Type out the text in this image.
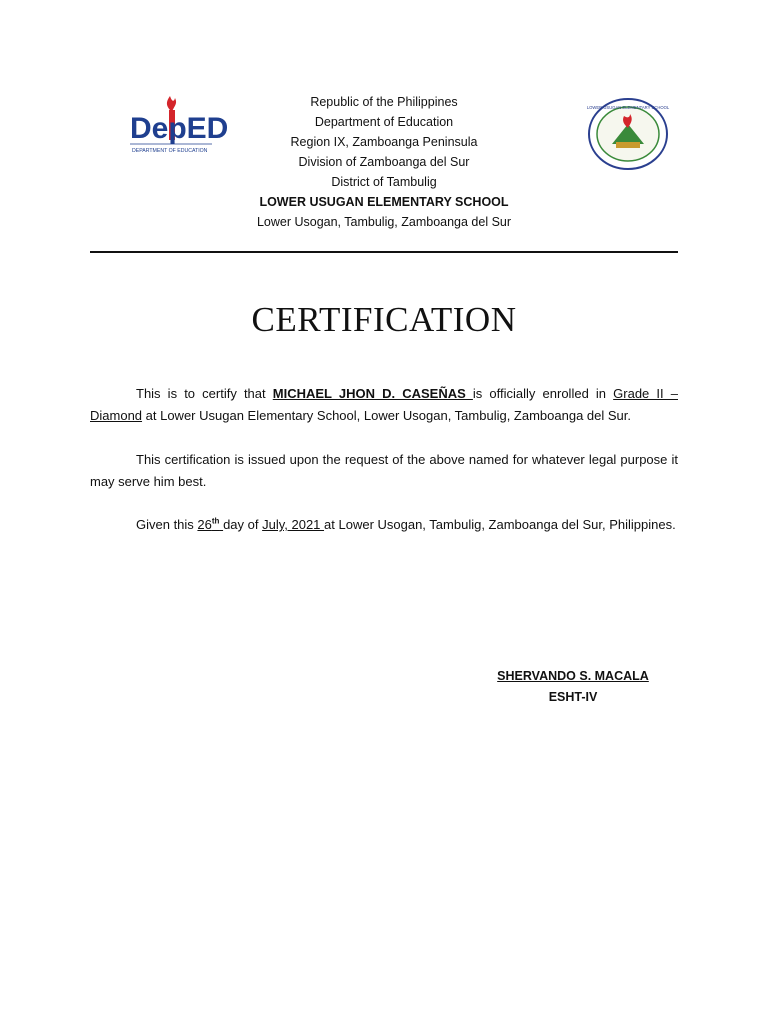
DepED
DEPARTMENT OF EDUCATION
LOWER USUGAN ELEMENTARY SCHOOL
Republic of the Philippines
Department of Education
Region IX, Zamboanga Peninsula
Division of Zamboanga del Sur
District of Tambulig
LOWER USUGAN ELEMENTARY SCHOOL
Lower Usogan, Tambulig, Zamboanga del Sur
CERTIFICATION
This is to certify that MICHAEL JHON D. CASEÑAS is officially enrolled in Grade II – Diamond at Lower Usugan Elementary School, Lower Usogan, Tambulig, Zamboanga del Sur.
This certification is issued upon the request of the above named for whatever legal purpose it may serve him best.
Given this 26th day of July, 2021 at Lower Usogan, Tambulig, Zamboanga del Sur, Philippines.
SHERVANDO S. MACALA
ESHT-IV
